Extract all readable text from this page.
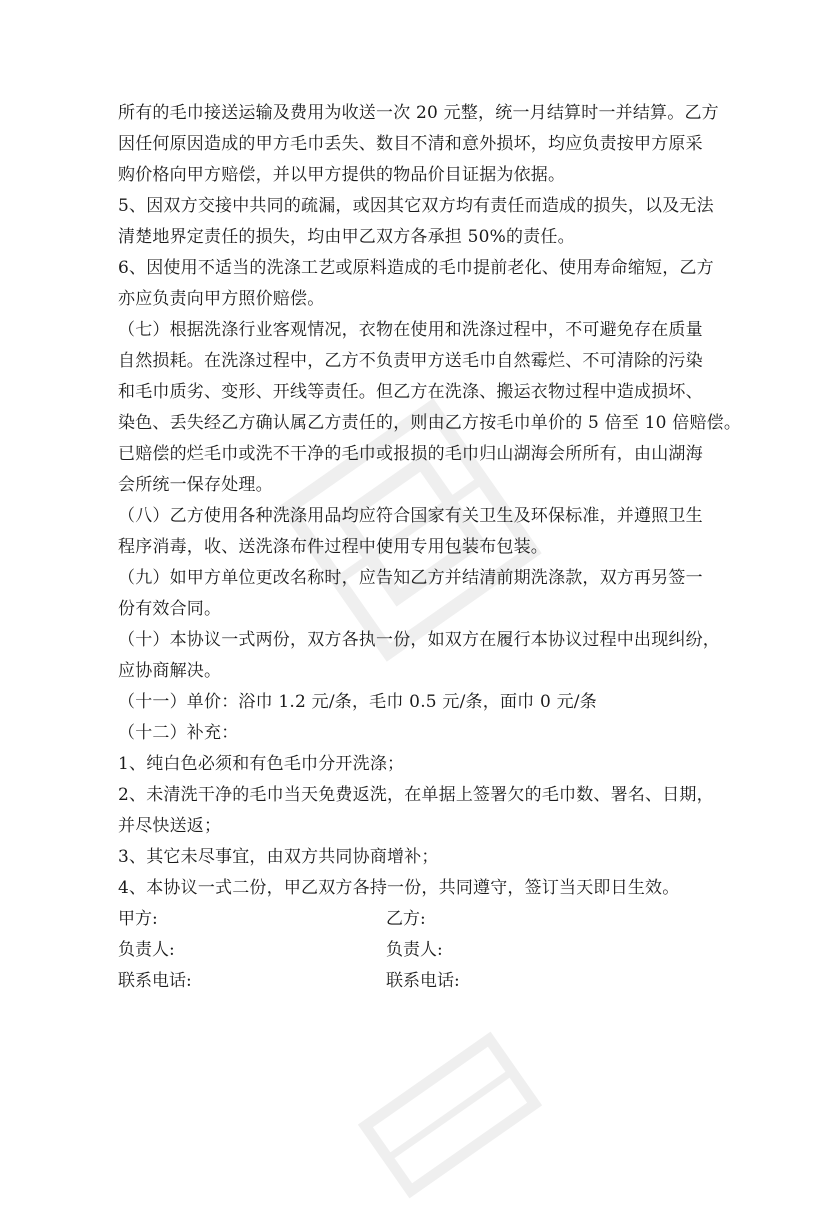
所有的毛巾接送运输及费用为收送一次 20 元整，统一月结算时一并结算。乙方
因任何原因造成的甲方毛巾丢失、数目不清和意外损坏，均应负责按甲方原采
购价格向甲方赔偿，并以甲方提供的物品价目证据为依据。
5、因双方交接中共同的疏漏，或因其它双方均有责任而造成的损失，以及无法
清楚地界定责任的损失，均由甲乙双方各承担 50%的责任。
6、因使用不适当的洗涤工艺或原料造成的毛巾提前老化、使用寿命缩短，乙方
亦应负责向甲方照价赔偿。
（七）根据洗涤行业客观情况，衣物在使用和洗涤过程中，不可避免存在质量
自然损耗。在洗涤过程中，乙方不负责甲方送毛巾自然霉烂、不可清除的污染
和毛巾质劣、变形、开线等责任。但乙方在洗涤、搬运衣物过程中造成损坏、
染色、丢失经乙方确认属乙方责任的，则由乙方按毛巾单价的 5 倍至 10 倍赔偿。
已赔偿的烂毛巾或洗不干净的毛巾或报损的毛巾归山湖海会所所有，由山湖海
会所统一保存处理。
（八）乙方使用各种洗涤用品均应符合国家有关卫生及环保标准，并遵照卫生
程序消毒，收、送洗涤布件过程中使用专用包装布包装。
（九）如甲方单位更改名称时，应告知乙方并结清前期洗涤款，双方再另签一
份有效合同。
（十）本协议一式两份，双方各执一份，如双方在履行本协议过程中出现纠纷，
应协商解决。
（十一）单价：浴巾 1.2 元/条，毛巾 0.5 元/条，面巾 0 元/条
（十二）补充：
1、纯白色必须和有色毛巾分开洗涤；
2、未清洗干净的毛巾当天免费返洗，在单据上签署欠的毛巾数、署名、日期，
并尽快送返；
3、其它未尽事宜，由双方共同协商增补；
4、本协议一式二份，甲乙双方各持一份，共同遵守，签订当天即日生效。
甲方:	乙方:
负责人:	负责人:
联系电话:	联系电话:
